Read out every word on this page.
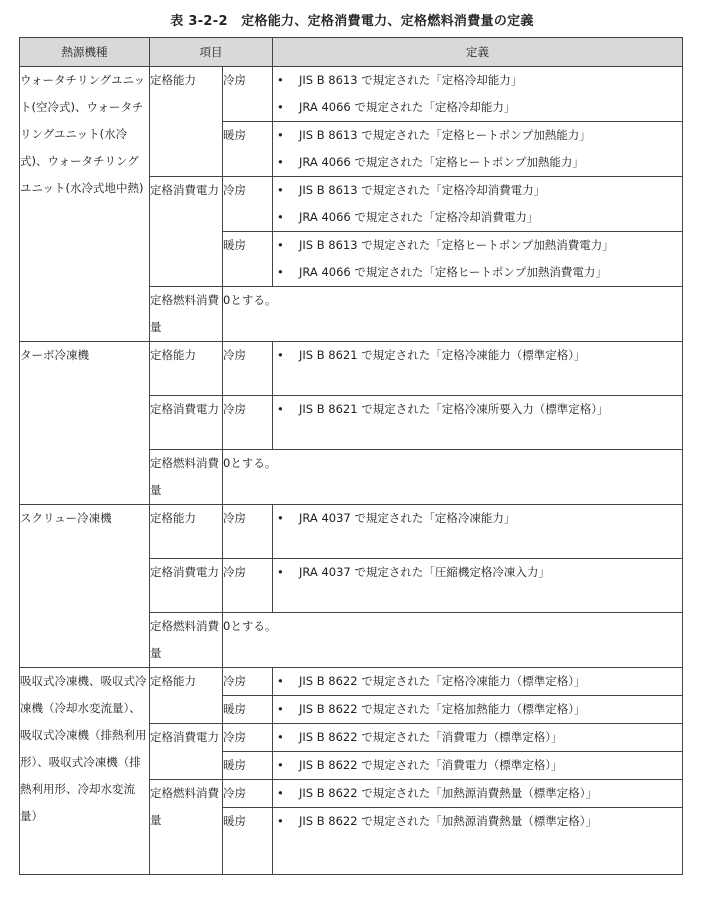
表 3-2-2　定格能力、定格消費電力、定格燃料消費量の定義
熱源機種	項目		定義
ウォータチリングユニット(空冷式)、ウォータチリングユニット(水冷式)、ウォータチリングユニット(水冷式地中熱)	定格能力	冷房	• JIS B 8613 で規定された「定格冷却能力」
• JRA 4066 で規定された「定格冷却能力」

		暖房	• JIS B 8613 で規定された「定格ヒートポンプ加熱能力」
• JRA 4066 で規定された「定格ヒートポンプ加熱能力」

	定格消費電力	冷房	• JIS B 8613 で規定された「定格冷却消費電力」
• JRA 4066 で規定された「定格冷却消費電力」

		暖房	• JIS B 8613 で規定された「定格ヒートポンプ加熱消費電力」
• JRA 4066 で規定された「定格ヒートポンプ加熱消費電力」

	定格燃料消費量	0とする。	
ターボ冷凍機	定格能力	冷房	• JIS B 8621 で規定された「定格冷凍能力（標準定格）」

	定格消費電力	冷房	• JIS B 8621 で規定された「定格冷凍所要入力（標準定格）」

	定格燃料消費量	0とする。	
スクリュー冷凍機	定格能力	冷房	• JRA 4037 で規定された「定格冷凍能力」

	定格消費電力	冷房	• JRA 4037 で規定された「圧縮機定格冷凍入力」

	定格燃料消費量	0とする。	
吸収式冷凍機、吸収式冷凍機（冷却水変流量）、吸収式冷凍機（排熱利用形）、吸収式冷凍機（排熱利用形、冷却水変流量）	定格能力	冷房	• JIS B 8622 で規定された「定格冷凍能力（標準定格）」

		暖房	• JIS B 8622 で規定された「定格加熱能力（標準定格）」

	定格消費電力	冷房	• JIS B 8622 で規定された「消費電力（標準定格）」

		暖房	• JIS B 8622 で規定された「消費電力（標準定格）」

	定格燃料消費量	冷房	• JIS B 8622 で規定された「加熱源消費熱量（標準定格）」

		暖房	• JIS B 8622 で規定された「加熱源消費熱量（標準定格）」
